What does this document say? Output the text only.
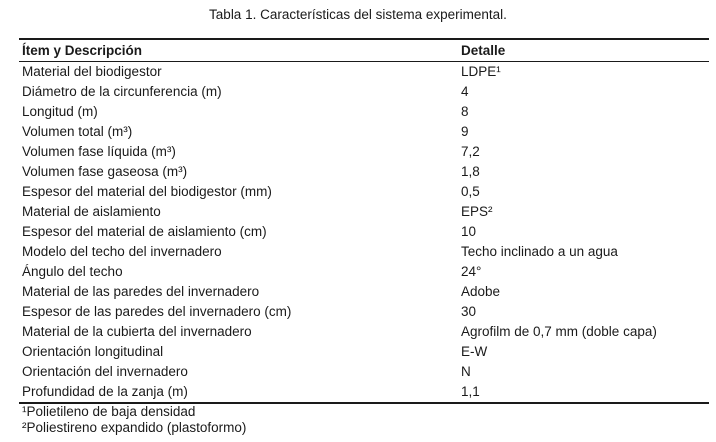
Tabla 1. Características del sistema experimental.
Ítem y Descripción	Detalle
Material del biodigestor	LDPE¹
Diámetro de la circunferencia (m)	4
Longitud (m)	8
Volumen total (m³)	9
Volumen fase líquida (m³)	7,2
Volumen fase gaseosa (m³)	1,8
Espesor del material del biodigestor (mm)	0,5
Material de aislamiento	EPS²
Espesor del material de aislamiento (cm)	10
Modelo del techo del invernadero	Techo inclinado a un agua
Ángulo del techo	24°
Material de las paredes del invernadero	Adobe
Espesor de las paredes del invernadero (cm)	30
Material de la cubierta del invernadero	Agrofilm de 0,7 mm (doble capa)
Orientación longitudinal	E-W
Orientación del invernadero	N
Profundidad de la zanja (m)	1,1
¹Polietileno de baja densidad
²Poliestireno expandido (plastoformo)
